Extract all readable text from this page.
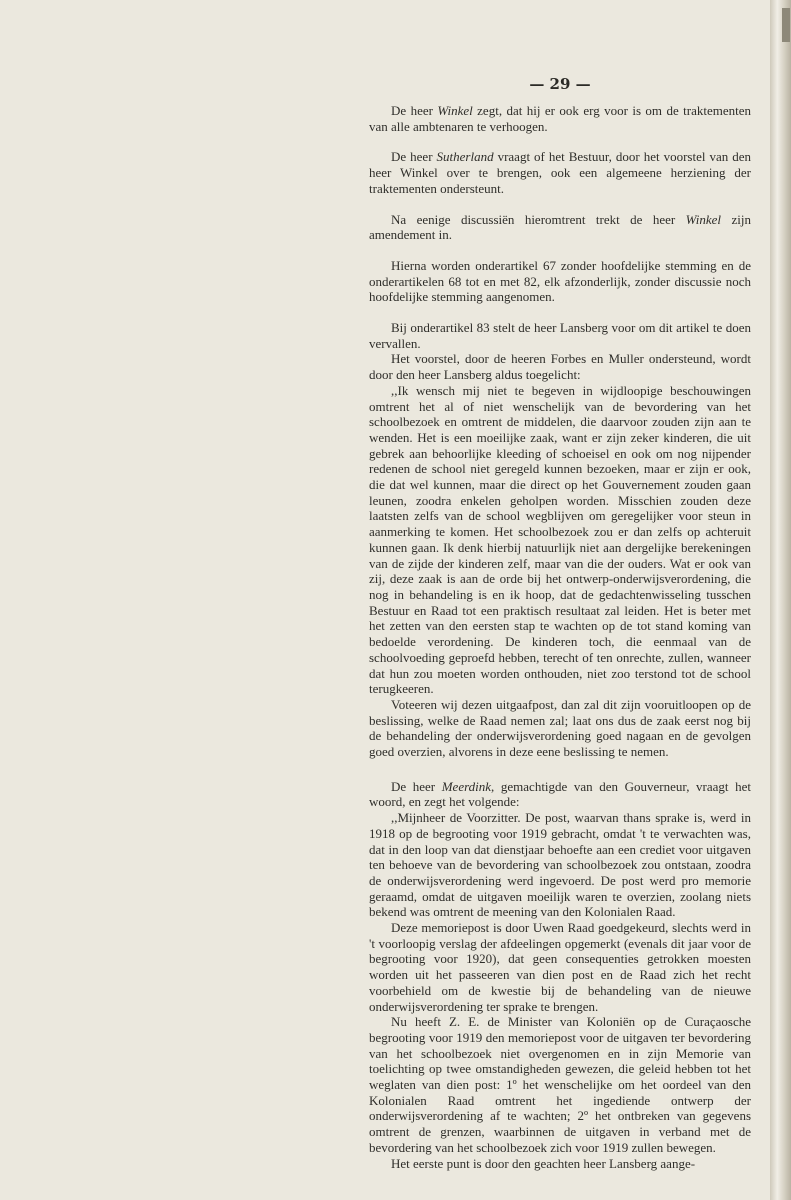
— 29 —

De heer Winkel zegt, dat hij er ook erg voor is om de traktementen van alle ambtenaren te verhoogen.

De heer Sutherland vraagt of het Bestuur, door het voorstel van den heer Winkel over te brengen, ook een algemeene herziening der traktementen ondersteunt.

Na eenige discussiën hieromtrent trekt de heer Winkel zijn amendement in.

Hierna worden onderartikel 67 zonder hoofdelijke stemming en de onderartikelen 68 tot en met 82, elk afzonderlijk, zonder discussie noch hoofdelijke stemming aangenomen.

Bij onderartikel 83 stelt de heer Lansberg voor om dit artikel te doen vervallen.

Het voorstel, door de heeren Forbes en Muller ondersteund, wordt door den heer Lansberg aldus toegelicht:

,,Ik wensch mij niet te begeven in wijdloopige beschouwingen omtrent het al of niet wenschelijk van de bevordering van het schoolbezoek en omtrent de middelen, die daarvoor zouden zijn aan te wenden. Het is een moeilijke zaak, want er zijn zeker kinderen, die uit gebrek aan behoorlijke kleeding of schoeisel en ook om nog nijpender redenen de school niet geregeld kunnen bezoeken, maar er zijn er ook, die dat wel kunnen, maar die direct op het Gouvernement zouden gaan leunen, zoodra enkelen geholpen worden. Misschien zouden deze laatsten zelfs van de school wegblijven om geregelijker voor steun in aanmerking te komen. Het schoolbezoek zou er dan zelfs op achteruit kunnen gaan. Ik denk hierbij natuurlijk niet aan dergelijke berekeningen van de zijde der kinderen zelf, maar van die der ouders. Wat er ook van zij, deze zaak is aan de orde bij het ontwerp-onderwijsverordening, die nog in behandeling is en ik hoop, dat de gedachtenwisseling tusschen Bestuur en Raad tot een praktisch resultaat zal leiden. Het is beter met het zetten van den eersten stap te wachten op de tot stand koming van bedoelde verordening. De kinderen toch, die eenmaal van de schoolvoeding geproefd hebben, terecht of ten onrechte, zullen, wanneer dat hun zou moeten worden onthouden, niet zoo terstond tot de school terugkeeren.

Voteeren wij dezen uitgaafpost, dan zal dit zijn vooruitloopen op de beslissing, welke de Raad nemen zal; laat ons dus de zaak eerst nog bij de behandeling der onderwijsverordening goed nagaan en de gevolgen goed overzien, alvorens in deze eene beslissing te nemen.

De heer Meerdink, gemachtigde van den Gouverneur, vraagt het woord, en zegt het volgende:

,,Mijnheer de Voorzitter. De post, waarvan thans sprake is, werd in 1918 op de begrooting voor 1919 gebracht, omdat 't te verwachten was, dat in den loop van dat dienstjaar behoefte aan een crediet voor uitgaven ten behoeve van de bevordering van schoolbezoek zou ontstaan, zoodra de onderwijsverordening werd ingevoerd. De post werd pro memorie geraamd, omdat de uitgaven moeilijk waren te overzien, zoolang niets bekend was omtrent de meening van den Kolonialen Raad.

Deze memoriepost is door Uwen Raad goedgekeurd, slechts werd in 't voorloopig verslag der afdeelingen opgemerkt (evenals dit jaar voor de begrooting voor 1920), dat geen consequenties getrokken moesten worden uit het passeeren van dien post en de Raad zich het recht voorbehield om de kwestie bij de behandeling van de nieuwe onderwijsverordening ter sprake te brengen.

Nu heeft Z. E. de Minister van Koloniën op de Curaçaosche begrooting voor 1919 den memoriepost voor de uitgaven ter bevordering van het schoolbezoek niet overgenomen en in zijn Memorie van toelichting op twee omstandigheden gewezen, die geleid hebben tot het weglaten van dien post: 1º het wenschelijke om het oordeel van den Kolonialen Raad omtrent het ingediende ontwerp der onderwijsverordening af te wachten; 2º het ontbreken van gegevens omtrent de grenzen, waarbinnen de uitgaven in verband met de bevordering van het schoolbezoek zich voor 1919 zullen bewegen.

Het eerste punt is door den geachten heer Lansberg aange-
